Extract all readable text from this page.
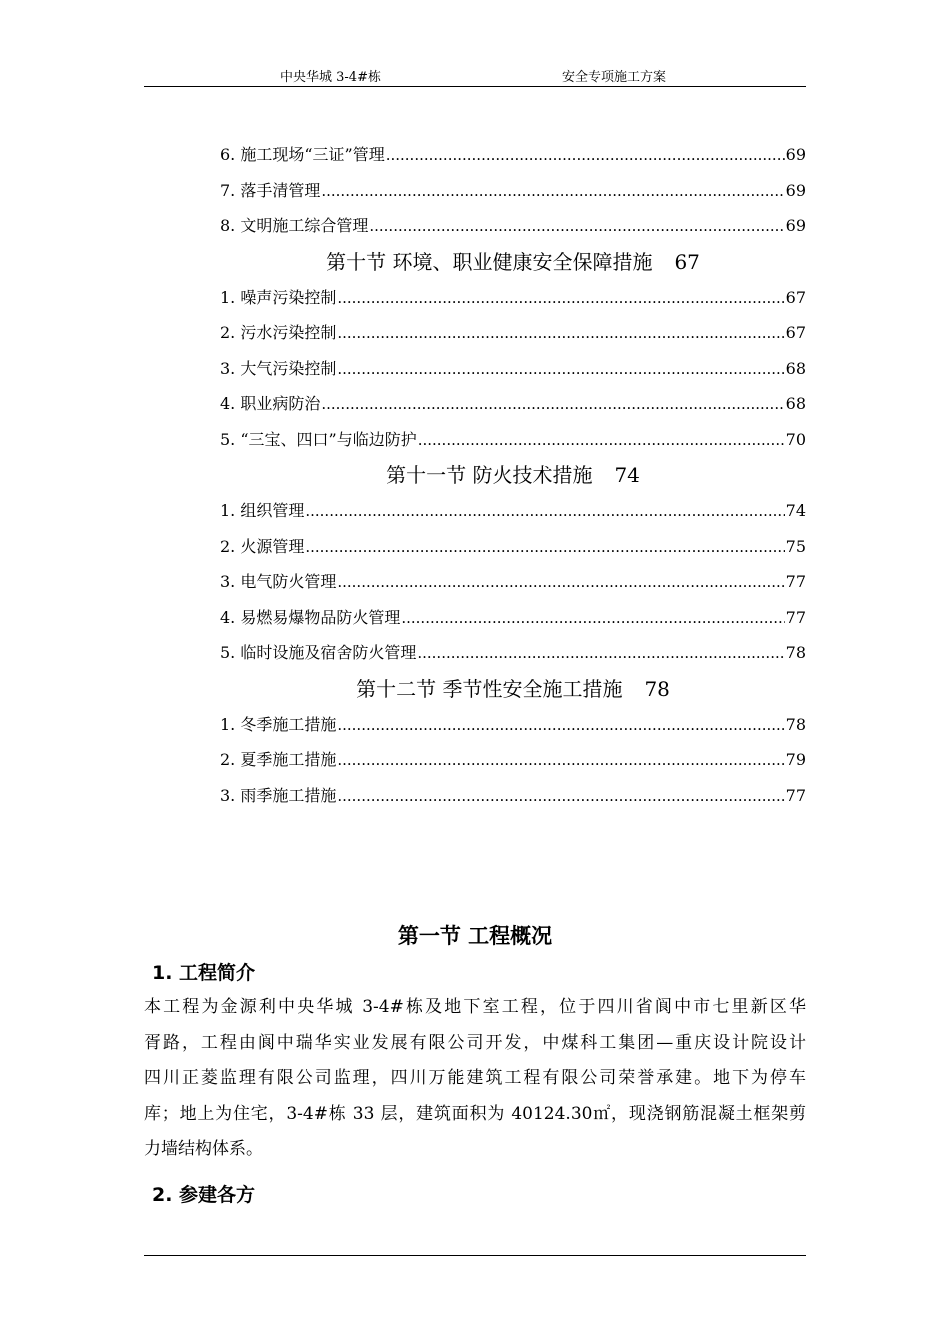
中央华城 3-4#栋	安全专项施工方案
6. 施工现场“三证”管理 .....	69
7. 落手清管理 .....	69
8. 文明施工综合管理 .....	69
第十节 环境、职业健康安全保障措施 67
1. 噪声污染控制 .....	67
2. 污水污染控制 .....	67
3. 大气污染控制 .....	68
4. 职业病防治 .....	68
5. “三宝、四口”与临边防护 .....	70
第十一节 防火技术措施 74
1. 组织管理 .....	74
2. 火源管理 .....	75
3. 电气防火管理 .....	77
4. 易燃易爆物品防火管理 .....	77
5. 临时设施及宿舍防火管理 .....	78
第十二节 季节性安全施工措施 78
1. 冬季施工措施 .....	78
2. 夏季施工措施 .....	79
3. 雨季施工措施 .....	77
第一节 工程概况
1. 工程简介
本工程为金源利中央华城 3-4#栋及地下室工程，位于四川省阆中市七里新区华
胥路，工程由阆中瑞华实业发展有限公司开发，中煤科工集团—重庆设计院设计
四川正菱监理有限公司监理，四川万能建筑工程有限公司荣誉承建。地下为停车
库；地上为住宅，3-4#栋 33 层，建筑面积为 40124.30㎡，现浇钢筋混凝土框架剪
力墙结构体系。
2. 参建各方
